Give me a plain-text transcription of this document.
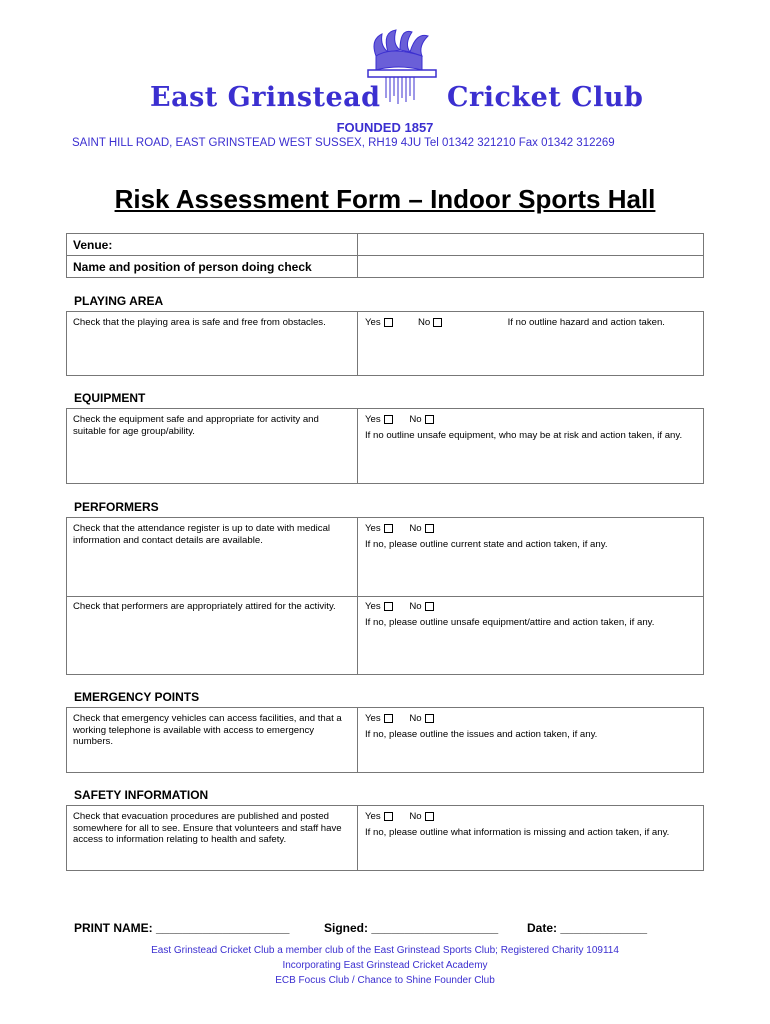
East Grinstead Cricket Club
FOUNDED 1857
SAINT HILL ROAD, EAST GRINSTEAD WEST SUSSEX, RH19 4JU Tel 01342 321210 Fax 01342 312269
Risk Assessment Form – Indoor Sports Hall
Venue:	
Name and position of person doing check	
PLAYING AREA
Check that the playing area is safe and free from obstacles.	Yes	No	If no outline hazard and action taken.
EQUIPMENT
Check the equipment safe and appropriate for activity and suitable for age group/ability.
Yes	No
If no outline unsafe equipment, who may be at risk and action taken, if any.
PERFORMERS
Check that the attendance register is up to date with medical information and contact details are available.
Yes	No
If no, please outline current state and action taken, if any.
Check that performers are appropriately attired for the activity.	Yes	No
If no, please outline unsafe equipment/attire and action taken, if any.
EMERGENCY POINTS
Check that emergency vehicles can access facilities, and that a working telephone is available with access to emergency numbers.
Yes	No
If no, please outline the issues and action taken, if any.
SAFETY INFORMATION
Check that evacuation procedures are published and posted somewhere for all to see. Ensure that volunteers and staff have access to information relating to health and safety.
Yes	No
If no, please outline what information is missing and action taken, if any.
PRINT NAME: ____________________	Signed: ___________________ Date: _____________
East Grinstead Cricket Club a member club of the East Grinstead Sports Club; Registered Charity 109114
Incorporating East Grinstead Cricket Academy
ECB Focus Club / Chance to Shine Founder Club
